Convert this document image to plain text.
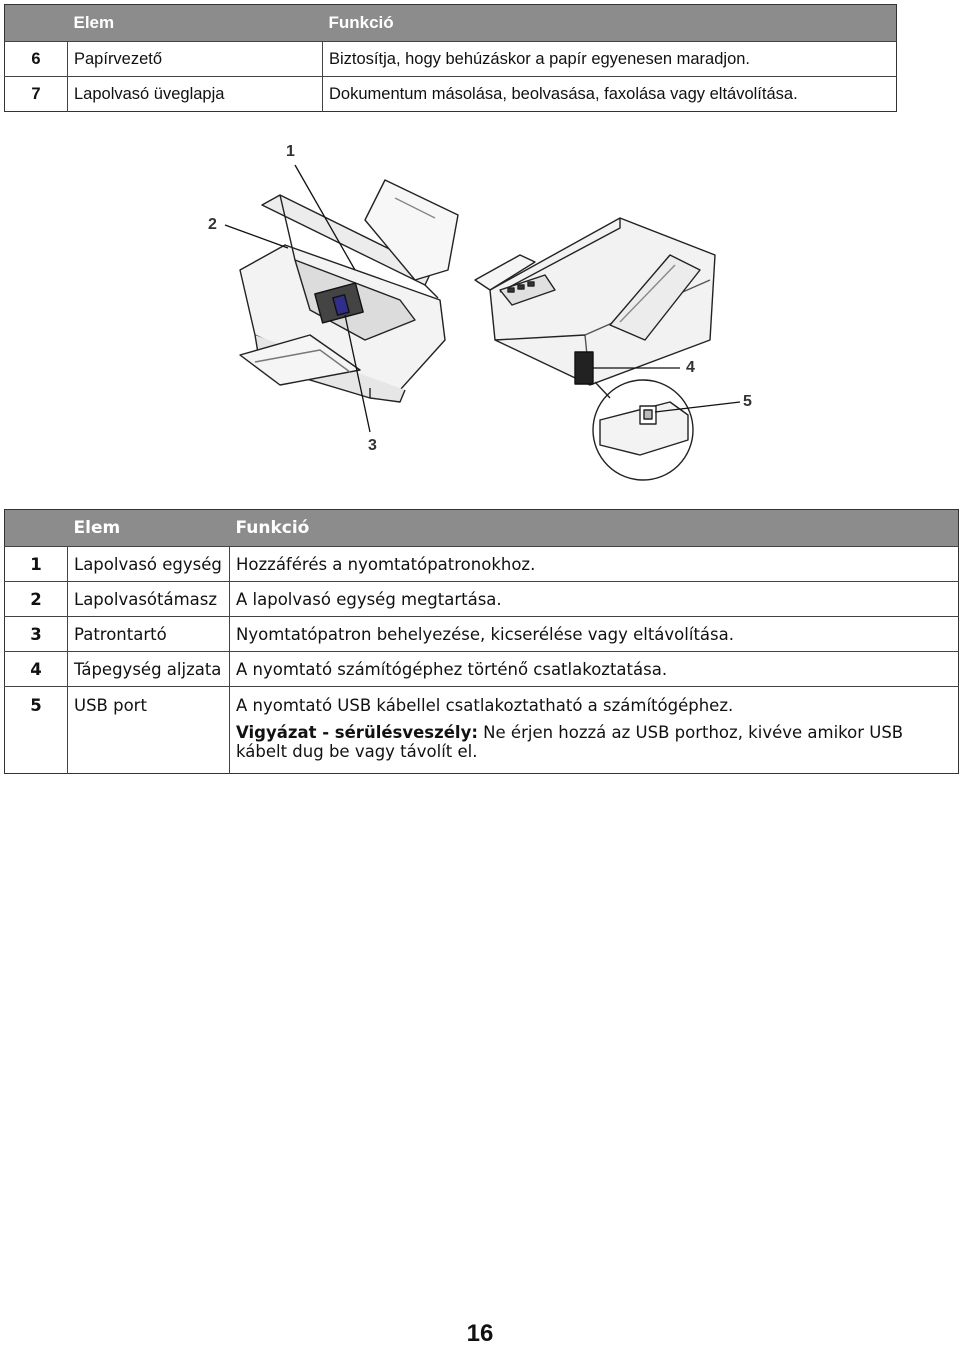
	Elem	Funkció
6	Papírvezető	Biztosítja, hogy behúzáskor a papír egyenesen maradjon.
7	Lapolvasó üveglapja	Dokumentum másolása, beolvasása, faxolása vagy eltávolítása.
1
2
3
4
5
	Elem	Funkció
1	Lapolvasó egység	Hozzáférés a nyomtatópatronokhoz.
2	Lapolvasótámasz	A lapolvasó egység megtartása.
3	Patrontartó	Nyomtatópatron behelyezése, kicserélése vagy eltávolítása.
4	Tápegység aljzata	A nyomtató számítógéphez történő csatlakoztatása.
5	USB port	A nyomtató USB kábellel csatlakoztatható a számítógéphez.

Vigyázat - sérülésveszély: Ne érjen hozzá az USB porthoz, kivéve amikor USB kábelt dug be vagy távolít el.

16
